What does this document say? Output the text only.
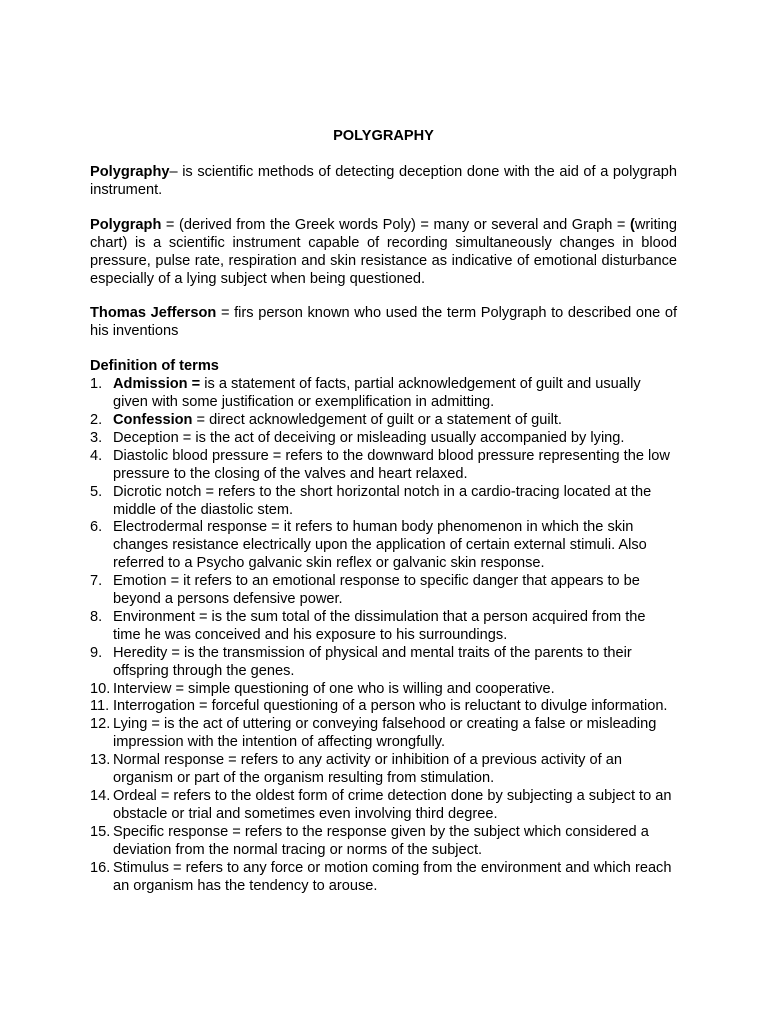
POLYGRAPHY

Polygraphy– is scientific methods of detecting deception done with the aid of a polygraph instrument.

Polygraph = (derived from the Greek words Poly) = many or several and Graph = (writing chart) is a scientific instrument capable of recording simultaneously changes in blood pressure, pulse rate, respiration and skin resistance as indicative of emotional disturbance especially of a lying subject when being questioned.

Thomas Jefferson = firs person known who used the term Polygraph to described one of his inventions

Definition of terms

1. Admission = is a statement of facts, partial acknowledgement of guilt and usually given with some justification or exemplification in admitting.
2. Confession = direct acknowledgement of guilt or a statement of guilt.
3. Deception = is the act of deceiving or misleading usually accompanied by lying.
4. Diastolic blood pressure = refers to the downward blood pressure representing the low pressure to the closing of the valves and heart relaxed.
5. Dicrotic notch = refers to the short horizontal notch in a cardio-tracing located at the middle of the diastolic stem.
6. Electrodermal response = it refers to human body phenomenon in which the skin changes resistance electrically upon the application of certain external stimuli. Also referred to a Psycho galvanic skin reflex or galvanic skin response.
7. Emotion = it refers to an emotional response to specific danger that appears to be beyond a persons defensive power.
8. Environment = is the sum total of the dissimulation that a person acquired from the time he was conceived and his exposure to his surroundings.
9. Heredity = is the transmission of physical and mental traits of the parents to their offspring through the genes.
10. Interview = simple questioning of one who is willing and cooperative.
11. Interrogation = forceful questioning of a person who is reluctant to divulge information.
12. Lying = is the act of uttering or conveying falsehood or creating a false or misleading impression with the intention of affecting wrongfully.
13. Normal response = refers to any activity or inhibition of a previous activity of an organism or part of the organism resulting from stimulation.
14. Ordeal = refers to the oldest form of crime detection done by subjecting a subject to an obstacle or trial and sometimes even involving third degree.
15. Specific response = refers to the response given by the subject which considered a deviation from the normal tracing or norms of the subject.
16. Stimulus = refers to any force or motion coming from the environment and which reach an organism has the tendency to arouse.
